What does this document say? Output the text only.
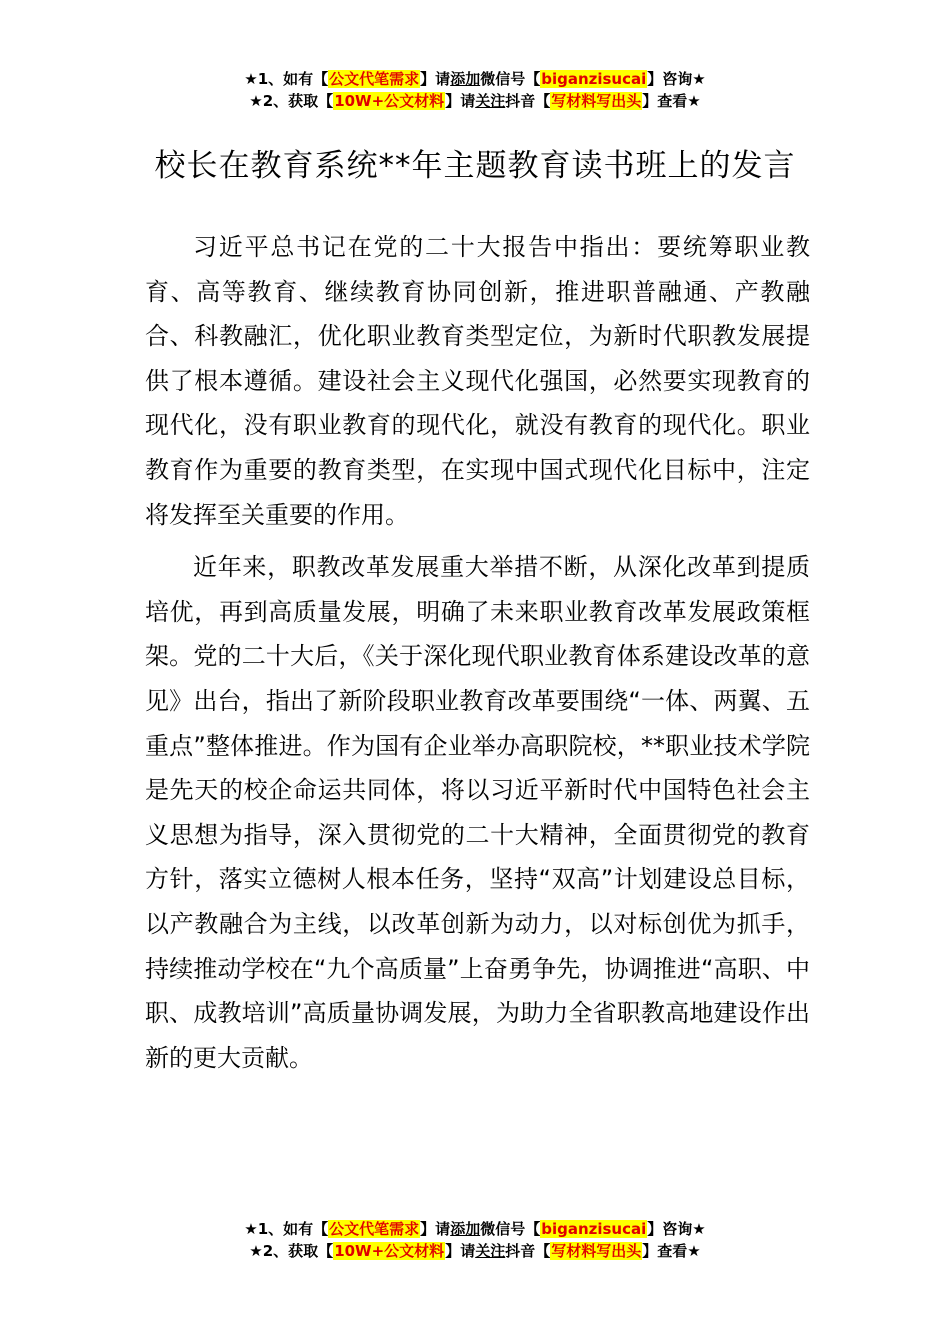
★1、如有【公文代笔需求】请添加微信号【biganzisucai】咨询★
★2、获取【10W+公文材料】请关注抖音【写材料写出头】查看★
校长在教育系统**年主题教育读书班上的发言

习近平总书记在党的二十大报告中指出：要统筹职业教育、高等教育、继续教育协同创新，推进职普融通、产教融合、科教融汇，优化职业教育类型定位，为新时代职教发展提供了根本遵循。建设社会主义现代化强国，必然要实现教育的现代化，没有职业教育的现代化，就没有教育的现代化。职业教育作为重要的教育类型，在实现中国式现代化目标中，注定将发挥至关重要的作用。

近年来，职教改革发展重大举措不断，从深化改革到提质培优，再到高质量发展，明确了未来职业教育改革发展政策框架。党的二十大后，《关于深化现代职业教育体系建设改革的意见》出台，指出了新阶段职业教育改革要围绕“一体、两翼、五重点”整体推进。作为国有企业举办高职院校，**职业技术学院是先天的校企命运共同体，将以习近平新时代中国特色社会主义思想为指导，深入贯彻党的二十大精神，全面贯彻党的教育方针，落实立德树人根本任务，坚持“双高”计划建设总目标，以产教融合为主线，以改革创新为动力，以对标创优为抓手，持续推动学校在“九个高质量”上奋勇争先，协调推进“高职、中职、成教培训”高质量协调发展，为助力全省职教高地建设作出新的更大贡献。

★1、如有【公文代笔需求】请添加微信号【biganzisucai】咨询★
★2、获取【10W+公文材料】请关注抖音【写材料写出头】查看★
